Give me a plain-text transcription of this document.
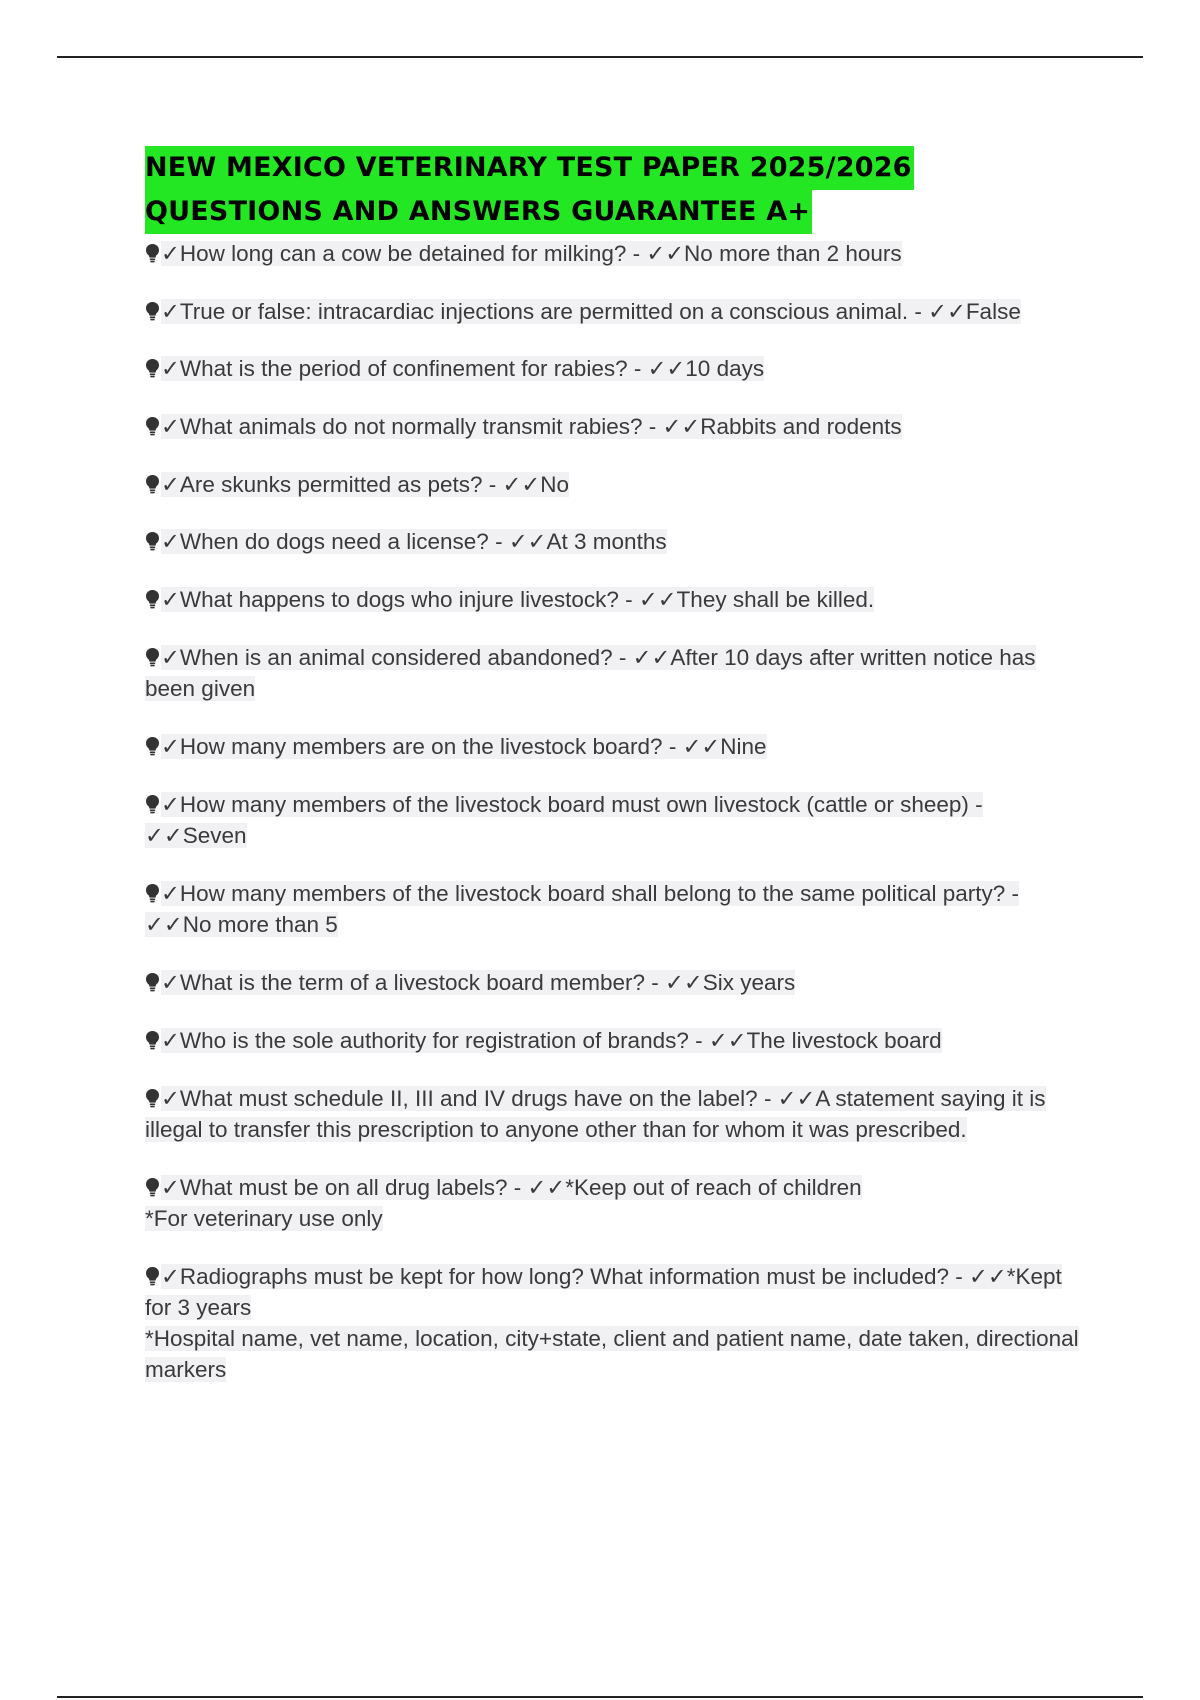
NEW MEXICO VETERINARY TEST PAPER 2025/2026
QUESTIONS AND ANSWERS GUARANTEE A+

✓How long can a cow be detained for milking? - ✓✓No more than 2 hours

✓True or false: intracardiac injections are permitted on a conscious animal. - ✓✓False

✓What is the period of confinement for rabies? - ✓✓10 days

✓What animals do not normally transmit rabies? - ✓✓Rabbits and rodents

✓Are skunks permitted as pets? - ✓✓No

✓When do dogs need a license? - ✓✓At 3 months

✓What happens to dogs who injure livestock? - ✓✓They shall be killed.

✓When is an animal considered abandoned? - ✓✓After 10 days after written notice has been given

✓How many members are on the livestock board? - ✓✓Nine

✓How many members of the livestock board must own livestock (cattle or sheep) - ✓✓Seven

✓How many members of the livestock board shall belong to the same political party? - ✓✓No more than 5

✓What is the term of a livestock board member? - ✓✓Six years

✓Who is the sole authority for registration of brands? - ✓✓The livestock board

✓What must schedule II, III and IV drugs have on the label? - ✓✓A statement saying it is illegal to transfer this prescription to anyone other than for whom it was prescribed.

✓What must be on all drug labels? - ✓✓*Keep out of reach of children
*For veterinary use only

✓Radiographs must be kept for how long? What information must be included? - ✓✓*Kept for 3 years
*Hospital name, vet name, location, city+state, client and patient name, date taken, directional markers
